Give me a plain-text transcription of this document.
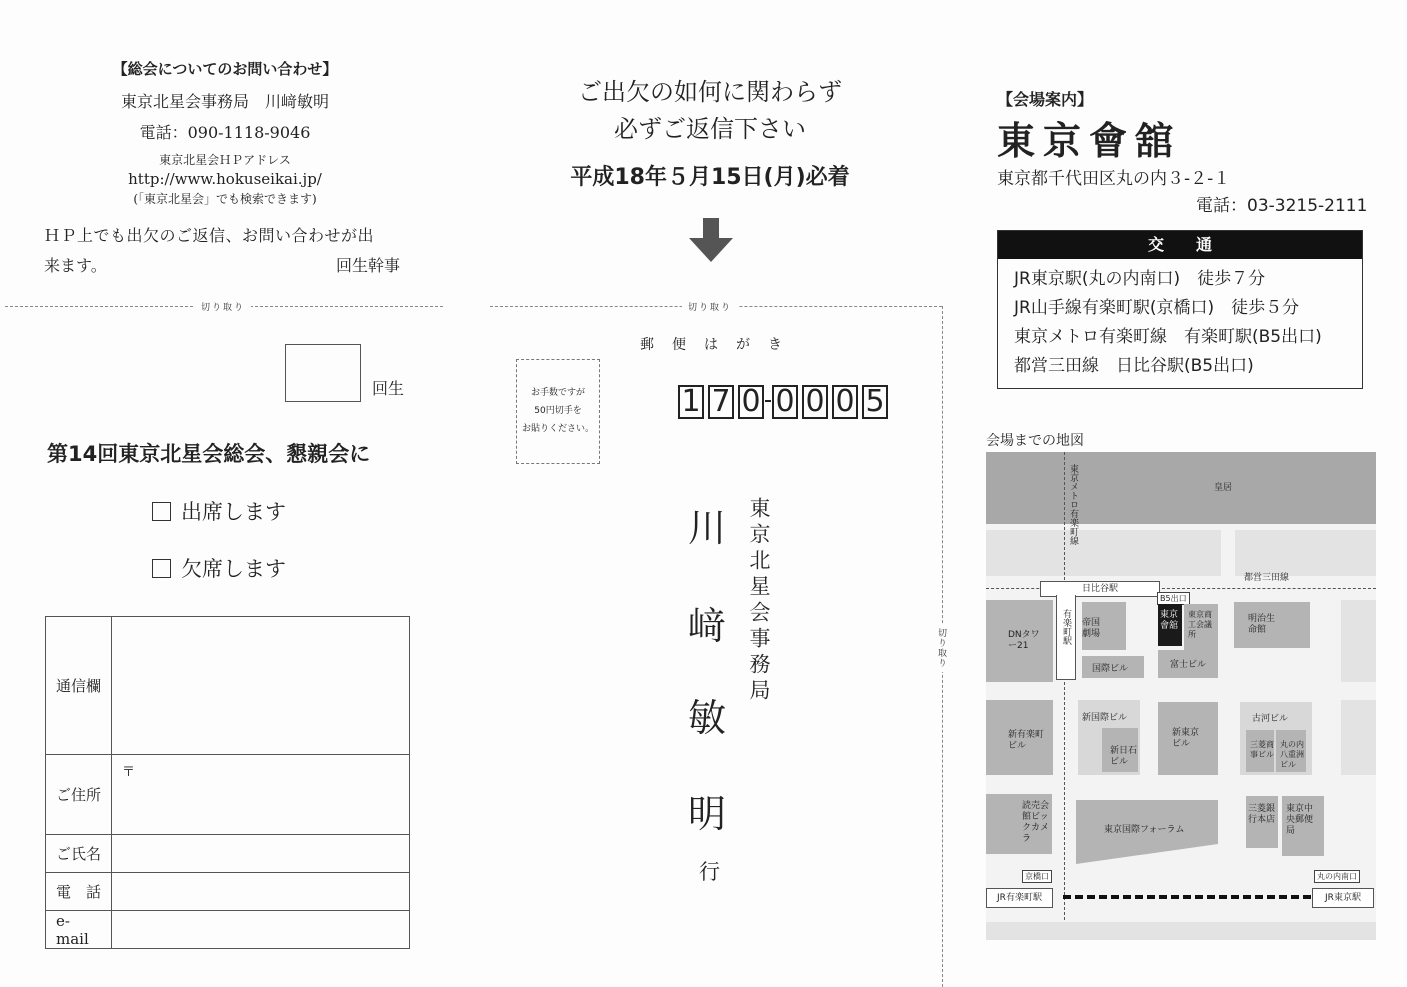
【総会についてのお問い合わせ】
東京北星会事務局　川﨑敏明
電話：090-1118-9046
東京北星会ＨＰアドレス
http://www.hokuseikai.jp/
(「東京北星会」でも検索できます)
ＨＰ上でも出欠のご返信、お問い合わせが出
来ます。	回生幹事
ご出欠の如何に関わらず
必ずご返信下さい
平成18年５月15日(月)必着
切り取り	切り取り
切り取り
回生
第14回東京北星会総会、懇親会に
出席します
欠席します
通信欄	
ご住所	〒
ご氏名	
電　話	
e-mail	
郵　便　は　が　き
お手数ですが
50円切手を
お貼りください。
1 7 0 0 0 0 5
東京北星会事務局
川
﨑
敏
明
行
【会場案内】
東京會舘
東京都千代田区丸の内３-２-１
電話：03-3215-2111
交　　通
JR東京駅(丸の内南口)　徒歩７分
JR山手線有楽町駅(京橋口)　徒歩５分
東京メトロ有楽町線　有楽町駅(B5出口)
都営三田線　日比谷駅(B5出口)
会場までの地図
皇居
都営三田線
東京メトロ有楽町線
日比谷駅
有楽町駅
B5出口
DNタワー21
帝国劇場
国際ビル
東京會舘
東京商工会議所
富士ビル
明治生命館
新有楽町ビル
新国際ビル
新日石ビル
新東京ビル
古河ビル
三菱商事ビル
丸の内八重洲ビル
読売会館ビックカメラ
東京国際フォーラム
三菱銀行本店
東京中央郵便局
京橋口	丸の内南口
JR有楽町駅	JR東京駅
